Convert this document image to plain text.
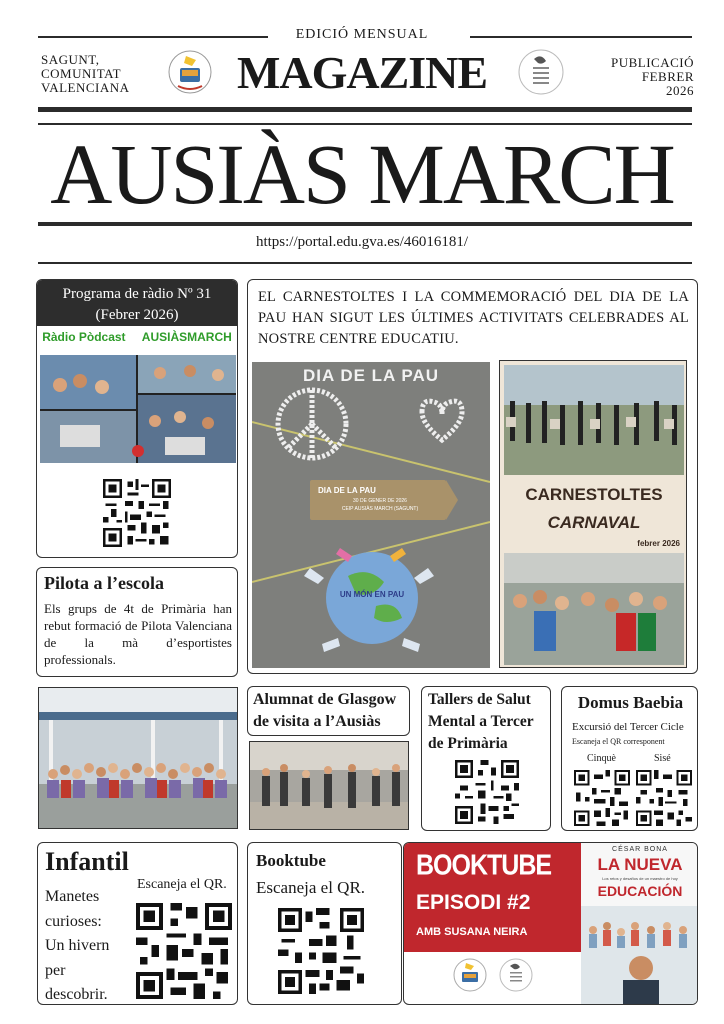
EDICIÓ MENSUAL
SAGUNT,
COMUNITAT
VALENCIANA MAGAZINE	PUBLICACIÓ
FEBRER
2026
AUSIÀS MARCH
https://portal.edu.gva.es/46016181/
Programa de ràdio Nº 31
(Febrer 2026)
Ràdio Pòdcast AUSIÀSMARCH
EL CARNESTOLTES I LA COMMEMORACIÓ DEL DIA DE LA PAU HAN SIGUT LES ÚLTIMES ACTIVITATS CELEBRADES AL NOSTRE CENTRE EDUCATIU.
DIA DE LA PAU
30 DE GENER DE 2026
CEIP AUSIÀS MARCH (SAGUNT)
DIA DE LA PAU
UN MÓN EN PAU
CARNESTOLTES
CARNAVAL
febrer 2026
Pilota a l’escola
Els grups de 4t de Primària han rebut formació de Pilota Valenciana de la mà d’esportistes professionals.
Alumnat de Glasgow de visita a l’Ausiàs
Tallers de Salut Mental a Tercer de Primària
Domus Baebia
Excursió del Tercer Cicle
Escaneja el QR corresponent
Cinquè	Sisé
Infantil
Escaneja el QR.
Manetes
curioses:
Un hivern
per
descobrir.
Booktube
Escaneja el QR.
BOOKTUBE
EPISODI #2
AMB SUSANA NEIRA
CÉSAR BONA
LA NUEVA
Los retos y desafíos de un maestro de hoy
EDUCACIÓN
